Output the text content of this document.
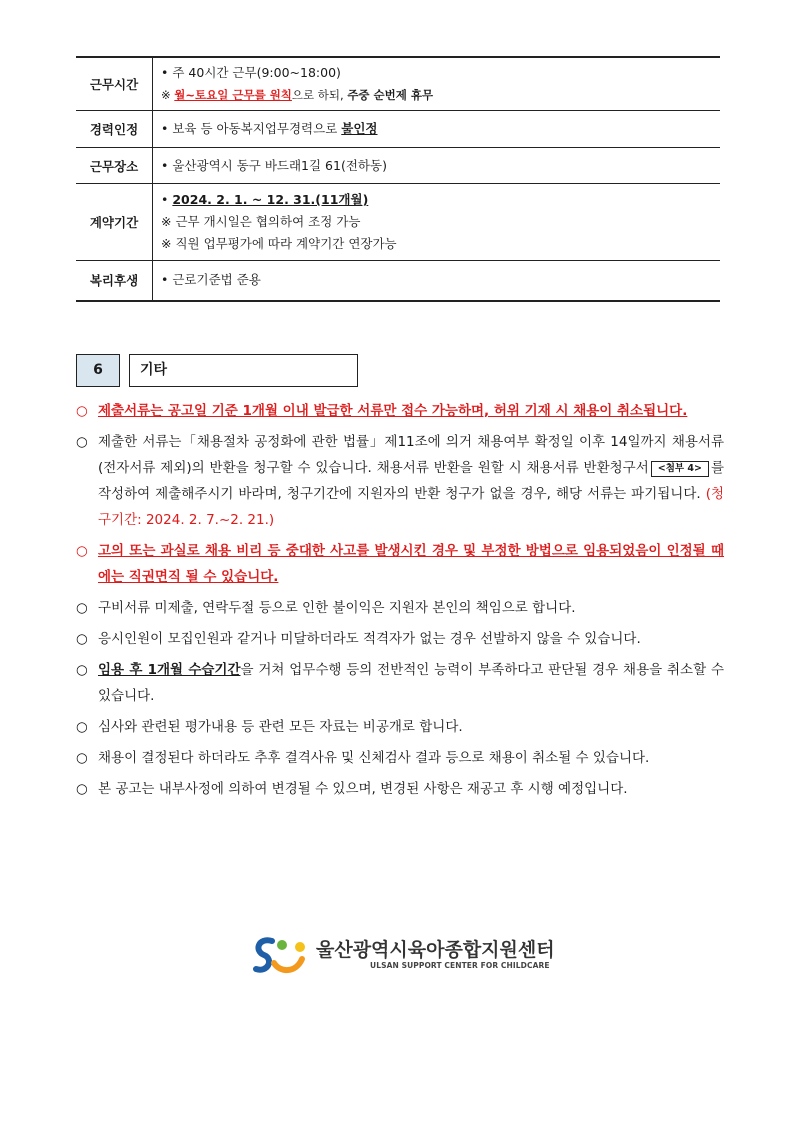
근무시간	• 주 40시간 근무(9:00~18:00)
※ 월~토요일 근무를 원칙으로 하되, 주중 순번제 휴무

경력인정	• 보육 등 아동복지업무경력으로 불인정

근무장소	• 울산광역시 동구 바드래1길 61(전하동)

계약기간	• 2024. 2. 1. ~ 12. 31.(11개월)
※ 근무 개시일은 협의하여 조정 가능
※ 직원 업무평가에 따라 계약기간 연장가능

복리후생	• 근로기준법 준용
6	기타
○ 제출서류는 공고일 기준 1개월 이내 발급한 서류만 접수 가능하며, 허위 기재 시 채용이 취소됩니다.
○ 제출한 서류는「채용절차 공정화에 관한 법률」제11조에 의거 채용여부 확정일 이후 14일까지 채용서류(전자서류 제외)의 반환을 청구할 수 있습니다. 채용서류 반환을 원할 시 채용서류 반환청구서 <첨부 4> 를 작성하여 제출해주시기 바라며, 청구기간에 지원자의 반환 청구가 없을 경우, 해당 서류는 파기됩니다. (청구기간: 2024. 2. 7.~2. 21.)
○ 고의 또는 과실로 채용 비리 등 중대한 사고를 발생시킨 경우 및 부정한 방법으로 임용되었음이 인정될 때에는 직권면직 될 수 있습니다.
○ 구비서류 미제출, 연락두절 등으로 인한 불이익은 지원자 본인의 책임으로 합니다.
○ 응시인원이 모집인원과 같거나 미달하더라도 적격자가 없는 경우 선발하지 않을 수 있습니다.
○ 임용 후 1개월 수습기간을 거쳐 업무수행 등의 전반적인 능력이 부족하다고 판단될 경우 채용을 취소할 수 있습니다.
○ 심사와 관련된 평가내용 등 관련 모든 자료는 비공개로 합니다.
○ 채용이 결정된다 하더라도 추후 결격사유 및 신체검사 결과 등으로 채용이 취소될 수 있습니다.
○ 본 공고는 내부사정에 의하여 변경될 수 있으며, 변경된 사항은 재공고 후 시행 예정입니다.
울산광역시육아종합지원센터
ULSAN SUPPORT CENTER FOR CHILDCARE
